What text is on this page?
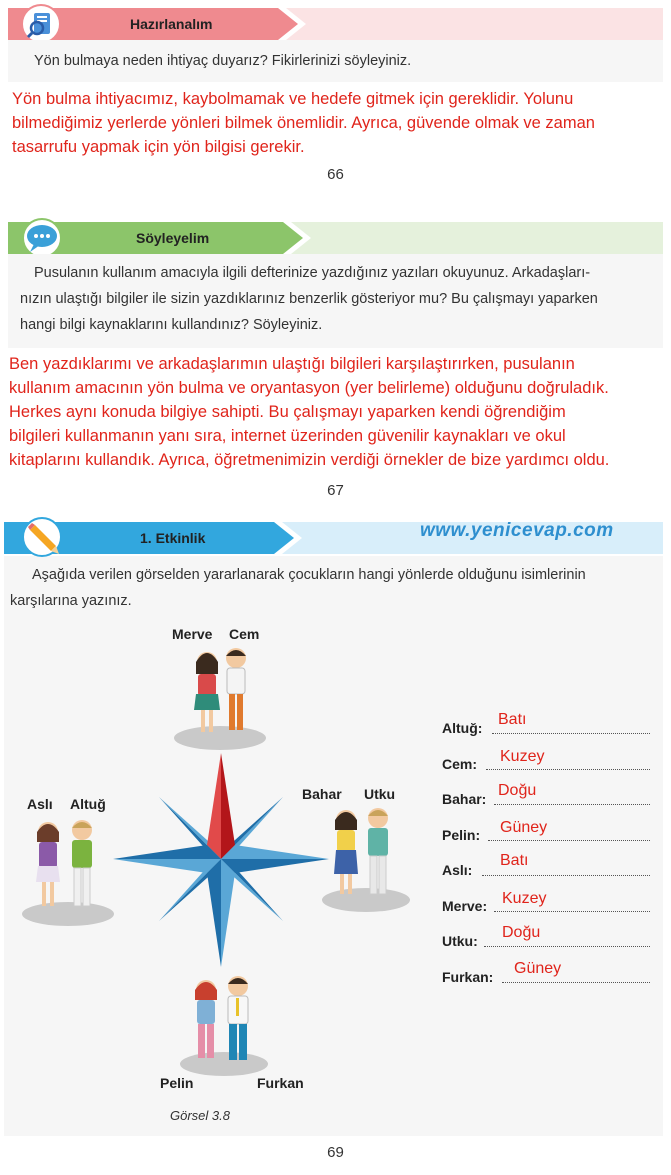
Hazırlanalım
Yön bulmaya neden ihtiyaç duyarız? Fikirlerinizi söyleyiniz.
Yön bulma ihtiyacımız, kaybolmamak ve hedefe gitmek için gereklidir. Yolunu
bilmediğimiz yerlerde yönleri bilmek önemlidir. Ayrıca, güvende olmak ve zaman
tasarrufu yapmak için yön bilgisi gerekir.
66
Söyleyelim
Pusulanın kullanım amacıyla ilgili defterinize yazdığınız yazıları okuyunuz. Arkadaşları-
nızın ulaştığı bilgiler ile sizin yazdıklarınız benzerlik gösteriyor mu? Bu çalışmayı yaparken
hangi bilgi kaynaklarını kullandınız? Söyleyiniz.
Ben yazdıklarımı ve arkadaşlarımın ulaştığı bilgileri karşılaştırırken, pusulanın
kullanım amacının yön bulma ve oryantasyon (yer belirleme) olduğunu doğruladık.
Herkes aynı konuda bilgiye sahipti. Bu çalışmayı yaparken kendi öğrendiğim
bilgileri kullanmanın yanı sıra, internet üzerinden güvenilir kaynakları ve okul
kitaplarını kullandık. Ayrıca, öğretmenimizin verdiği örnekler de bize yardımcı oldu.
67
1. Etkinlik	www.yenicevap.com
Aşağıda verilen görselden yararlanarak çocukların hangi yönlerde olduğunu isimlerinin
karşılarına yazınız.
Merve Cem
Aslı Altuğ
Bahar Utku
Pelin	Furkan
Görsel 3.8
Altuğ: Batı
Cem: Kuzey
Bahar: Doğu
Pelin: Güney
Aslı:
Batı
Merve: Kuzey
Utku: Doğu
Furkan: Güney
69
